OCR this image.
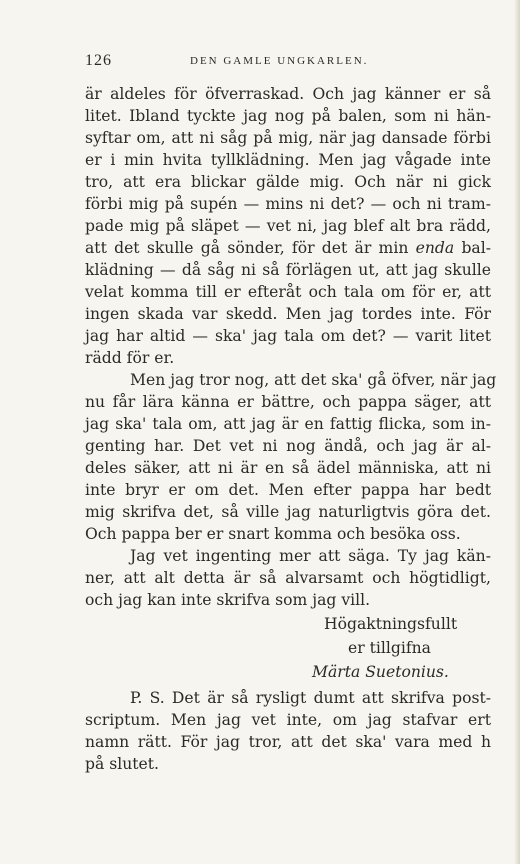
126	DEN GAMLE UNGKARLEN.
är aldeles för öfverraskad. Och jag känner er så
litet. Ibland tyckte jag nog på balen, som ni hän-
syftar om, att ni såg på mig, när jag dansade förbi
er i min hvita tyllklädning. Men jag vågade inte
tro, att era blickar gälde mig. Och när ni gick
förbi mig på supén — mins ni det? — och ni tram-
pade mig på släpet — vet ni, jag blef alt bra rädd,
att det skulle gå sönder, för det är min enda bal-
klädning — då såg ni så förlägen ut, att jag skulle
velat komma till er efteråt och tala om för er, att
ingen skada var skedd. Men jag tordes inte. För
jag har altid — ska' jag tala om det? — varit litet
rädd för er.
Men jag tror nog, att det ska' gå öfver, när jag
nu får lära känna er bättre, och pappa säger, att
jag ska' tala om, att jag är en fattig flicka, som in-
genting har. Det vet ni nog ändå, och jag är al-
deles säker, att ni är en så ädel människa, att ni
inte bryr er om det. Men efter pappa har bedt
mig skrifva det, så ville jag naturligtvis göra det.
Och pappa ber er snart komma och besöka oss.
Jag vet ingenting mer att säga. Ty jag kän-
ner, att alt detta är så alvarsamt och högtidligt,
och jag kan inte skrifva som jag vill.
Högaktningsfullt
er tillgifna
Märta Suetonius.
P. S. Det är så rysligt dumt att skrifva post-
scriptum. Men jag vet inte, om jag stafvar ert
namn rätt. För jag tror, att det ska' vara med h
på slutet.
